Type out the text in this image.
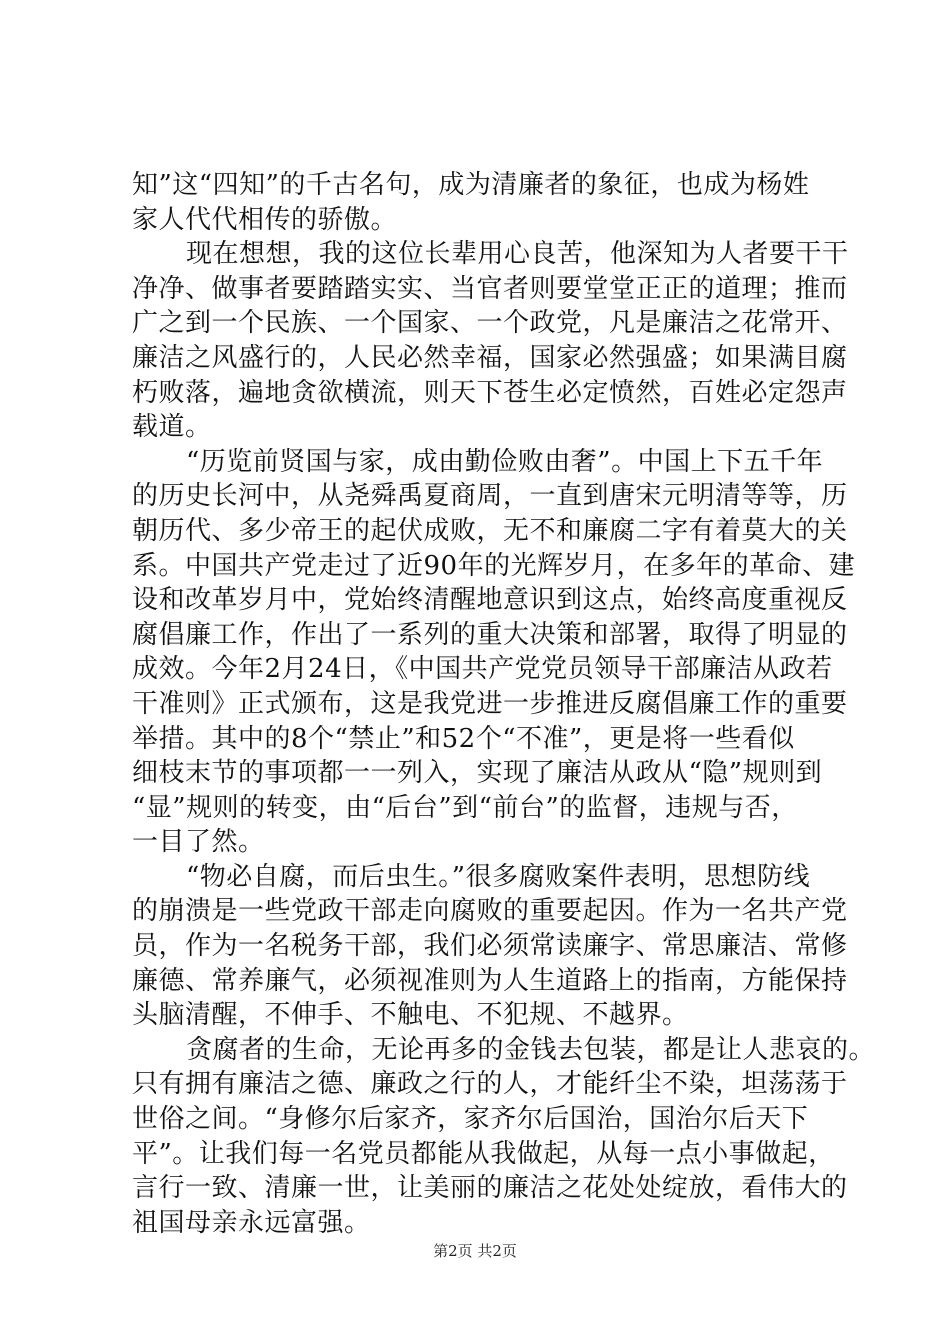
知”这“四知”的千古名句，成为清廉者的象征，也成为杨姓
家人代代相传的骄傲。
现在想想，我的这位长辈用心良苦，他深知为人者要干干
净净、做事者要踏踏实实、当官者则要堂堂正正的道理；推而
广之到一个民族、一个国家、一个政党，凡是廉洁之花常开、
廉洁之风盛行的，人民必然幸福，国家必然强盛；如果满目腐
朽败落，遍地贪欲横流，则天下苍生必定愤然，百姓必定怨声
载道。
“历览前贤国与家，成由勤俭败由奢”。中国上下五千年
的历史长河中，从尧舜禹夏商周，一直到唐宋元明清等等，历
朝历代、多少帝王的起伏成败，无不和廉腐二字有着莫大的关
系。中国共产党走过了近90年的光辉岁月，在多年的革命、建
设和改革岁月中，党始终清醒地意识到这点，始终高度重视反
腐倡廉工作，作出了一系列的重大决策和部署，取得了明显的
成效。今年2月24日，《中国共产党党员领导干部廉洁从政若
干准则》正式颁布，这是我党进一步推进反腐倡廉工作的重要
举措。其中的8个“禁止”和52个“不准”，更是将一些看似
细枝末节的事项都一一列入，实现了廉洁从政从“隐”规则到
“显”规则的转变，由“后台”到“前台”的监督，违规与否，
一目了然。
“物必自腐，而后虫生。”很多腐败案件表明，思想防线
的崩溃是一些党政干部走向腐败的重要起因。作为一名共产党
员，作为一名税务干部，我们必须常读廉字、常思廉洁、常修
廉德、常养廉气，必须视准则为人生道路上的指南，方能保持
头脑清醒，不伸手、不触电、不犯规、不越界。
贪腐者的生命，无论再多的金钱去包装，都是让人悲哀的。
只有拥有廉洁之德、廉政之行的人，才能纤尘不染，坦荡荡于
世俗之间。“身修尔后家齐，家齐尔后国治，国治尔后天下
平”。让我们每一名党员都能从我做起，从每一点小事做起，
言行一致、清廉一世，让美丽的廉洁之花处处绽放，看伟大的
祖国母亲永远富强。
第2页 共2页
